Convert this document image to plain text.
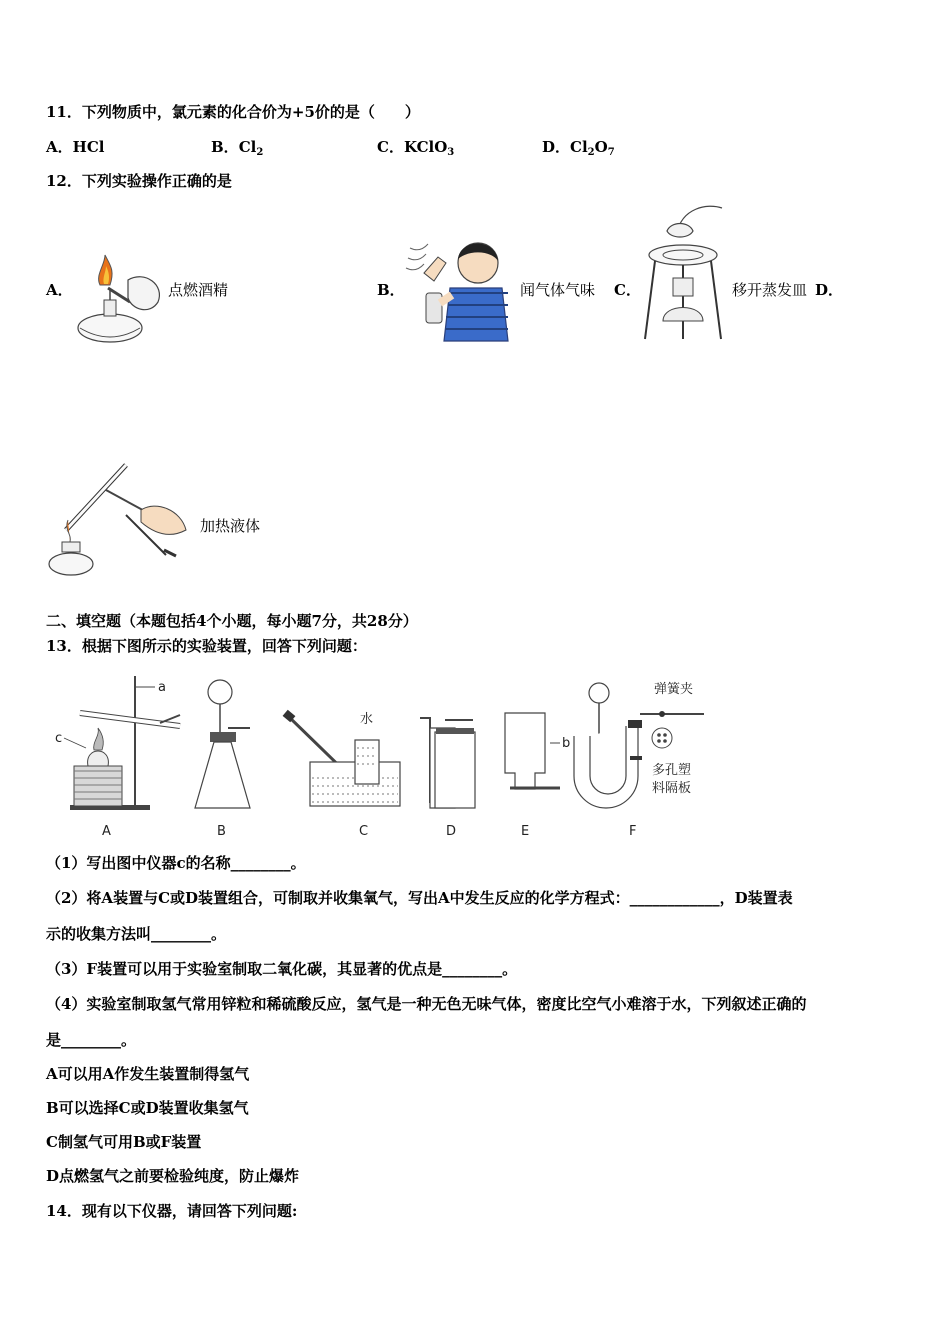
11．下列物质中，氯元素的化合价为+5价的是（　　）
A．HCl	B．$Cl_2$	C．KClO$_3$	D．$Cl_2O_7$
12．下列实验操作正确的是
A．	点燃酒精	B．	闻气体气味 C．	移开蒸发皿 D．
加热液体
二、填空题（本题包括4个小题，每小题7分，共28分）
13．根据下图所示的实验装置，回答下列问题：
c
a
A	B
水
C	D
b
E
弹簧夹
多孔塑
料隔板
F
（1）写出图中仪器c的名称________。
（2）将A装置与C或D装置组合，可制取并收集氧气，写出A中发生反应的化学方程式：____________，D装置表
示的收集方法叫________。
（3）F装置可以用于实验室制取二氧化碳，其显著的优点是________。
（4）实验室制取氢气常用锌粒和稀硫酸反应，氢气是一种无色无味气体，密度比空气小难溶于水，下列叙述正确的
是________。
A可以用A作发生装置制得氢气
B可以选择C或D装置收集氢气
C制氢气可用B或F装置
D点燃氢气之前要检验纯度，防止爆炸
14．现有以下仪器，请回答下列问题:
